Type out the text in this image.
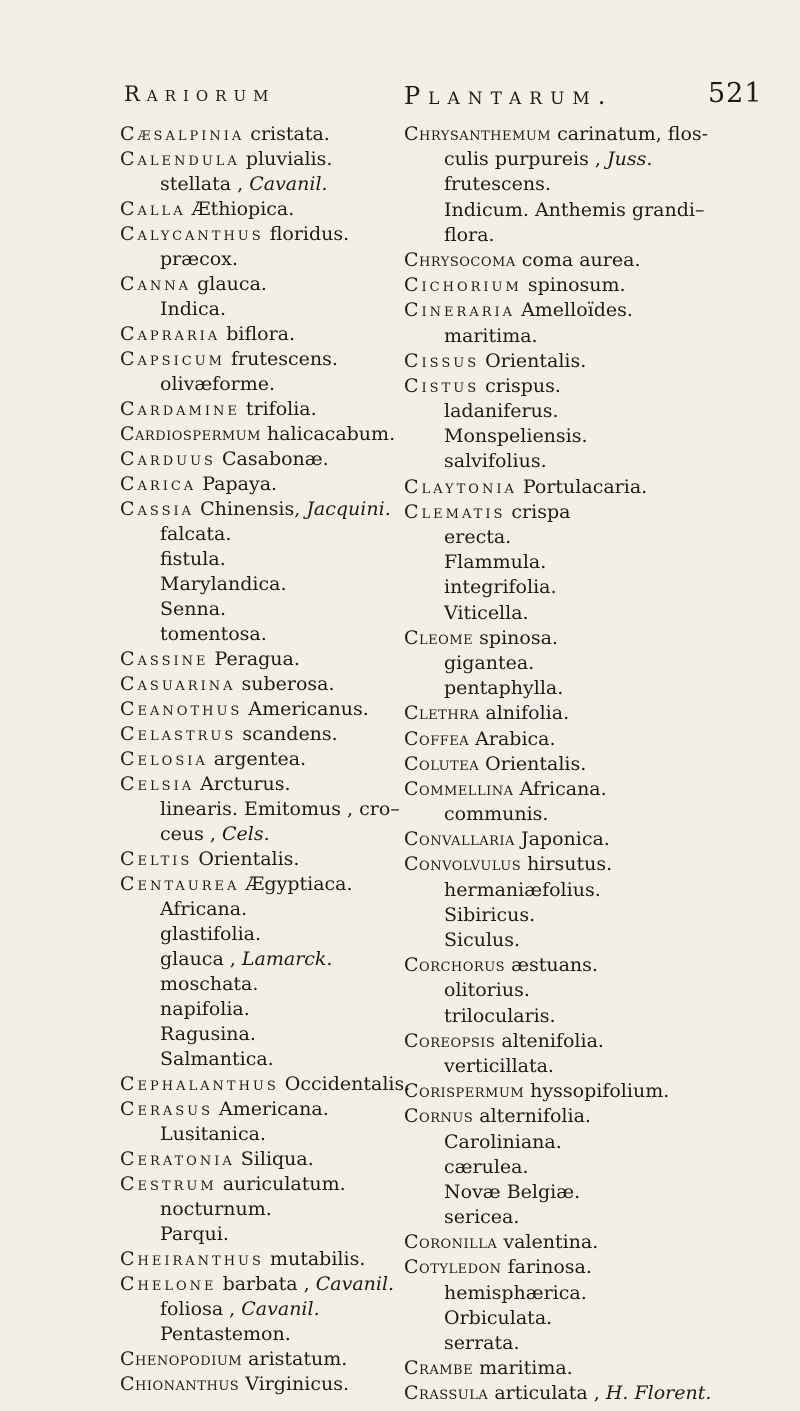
Rariorum	Plantarum.	521
Cæsalpinia cristata.
Calendula pluvialis.
stellata , Cavanil.
Calla Æthiopica.
Calycanthus floridus.
præcox.
Canna glauca.
Indica.
Capraria biflora.
Capsicum frutescens.
olivæforme.
Cardamine trifolia.
Cardiospermum halicacabum.
Carduus Casabonæ.
Carica Papaya.
Cassia Chinensis, Jacquini.
falcata.
fistula.
Marylandica.
Senna.
tomentosa.
Cassine Peragua.
Casuarina suberosa.
Ceanothus Americanus.
Celastrus scandens.
Celosia argentea.
Celsia Arcturus.
linearis. Emitomus , cro–
ceus , Cels.
Celtis Orientalis.
Centaurea Ægyptiaca.
Africana.
glastifolia.
glauca , Lamarck.
moschata.
napifolia.
Ragusina.
Salmantica.
Cephalanthus Occidentalis.
Cerasus Americana.
Lusitanica.
Ceratonia Siliqua.
Cestrum auriculatum.
nocturnum.
Parqui.
Cheiranthus mutabilis.
Chelone barbata , Cavanil.
foliosa , Cavanil.
Pentastemon.
Chenopodium aristatum.
Chionanthus Virginicus.
Chrysanthemum carinatum, flos-
culis purpureis , Juss.
frutescens.
Indicum. Anthemis grandi–
flora.
Chrysocoma coma aurea.
Cichorium spinosum.
Cineraria Amelloïdes.
maritima.
Cissus Orientalis.
Cistus crispus.
ladaniferus.
Monspeliensis.
salvifolius.
Claytonia Portulacaria.
Clematis crispa
erecta.
Flammula.
integrifolia.
Viticella.
Cleome spinosa.
gigantea.
pentaphylla.
Clethra alnifolia.
Coffea Arabica.
Colutea Orientalis.
Commellina Africana.
communis.
Convallaria Japonica.
Convolvulus hirsutus.
hermaniæfolius.
Sibiricus.
Siculus.
Corchorus æstuans.
olitorius.
trilocularis.
Coreopsis altenifolia.
verticillata.
Corispermum hyssopifolium.
Cornus alternifolia.
Caroliniana.
cærulea.
Novæ Belgiæ.
sericea.
Coronilla valentina.
Cotyledon farinosa.
hemisphærica.
Orbiculata.
serrata.
Crambe maritima.
Crassula articulata , H. Florent.
